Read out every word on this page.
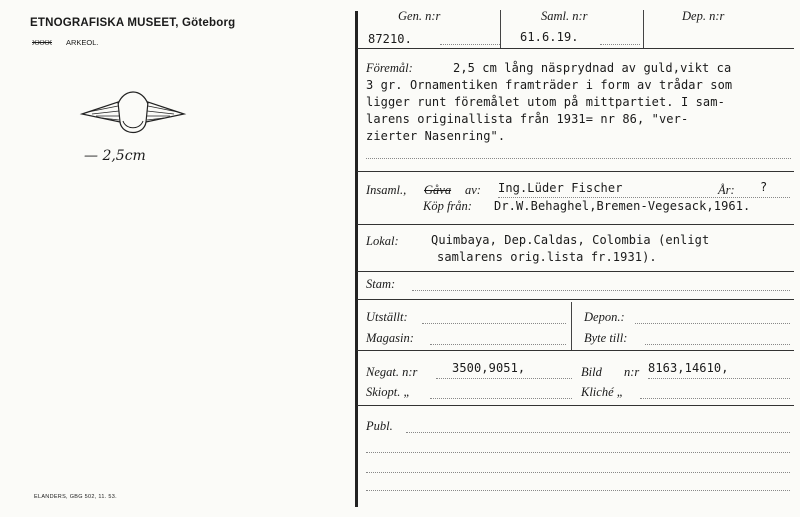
ETNOGRAFISKA MUSEET, Göteborg
XXXX ARKEOL.
— 2,5cm
ELANDERS, GBG 502, 11. 53.
Gen. n:r	Saml. n:r	Dep. n:r
87210.	61.6.19.
Föremål:	2,5 cm lång näsprydnad av guld,vikt ca
3 gr. Ornamentiken framträder i form av trådar som
ligger runt föremålet utom på mittpartiet. I sam-
larens originallista från 1931= nr 86, "ver-
zierter Nasenring".
Insaml., Gåva av: Ing.Lüder Fischer	År: ?
Köp från: Dr.W.Behaghel,Bremen-Vegesack,1961.
Lokal:	Quimbaya, Dep.Caldas, Colombia (enligt
samlarens orig.lista fr.1931).
Stam:
Utställt:	Depon.:
Magasin:	Byte till:
Negat. n:r	3500,9051,	Bild n:r 8163,14610,
Skiopt. „	Kliché „
Publ.
